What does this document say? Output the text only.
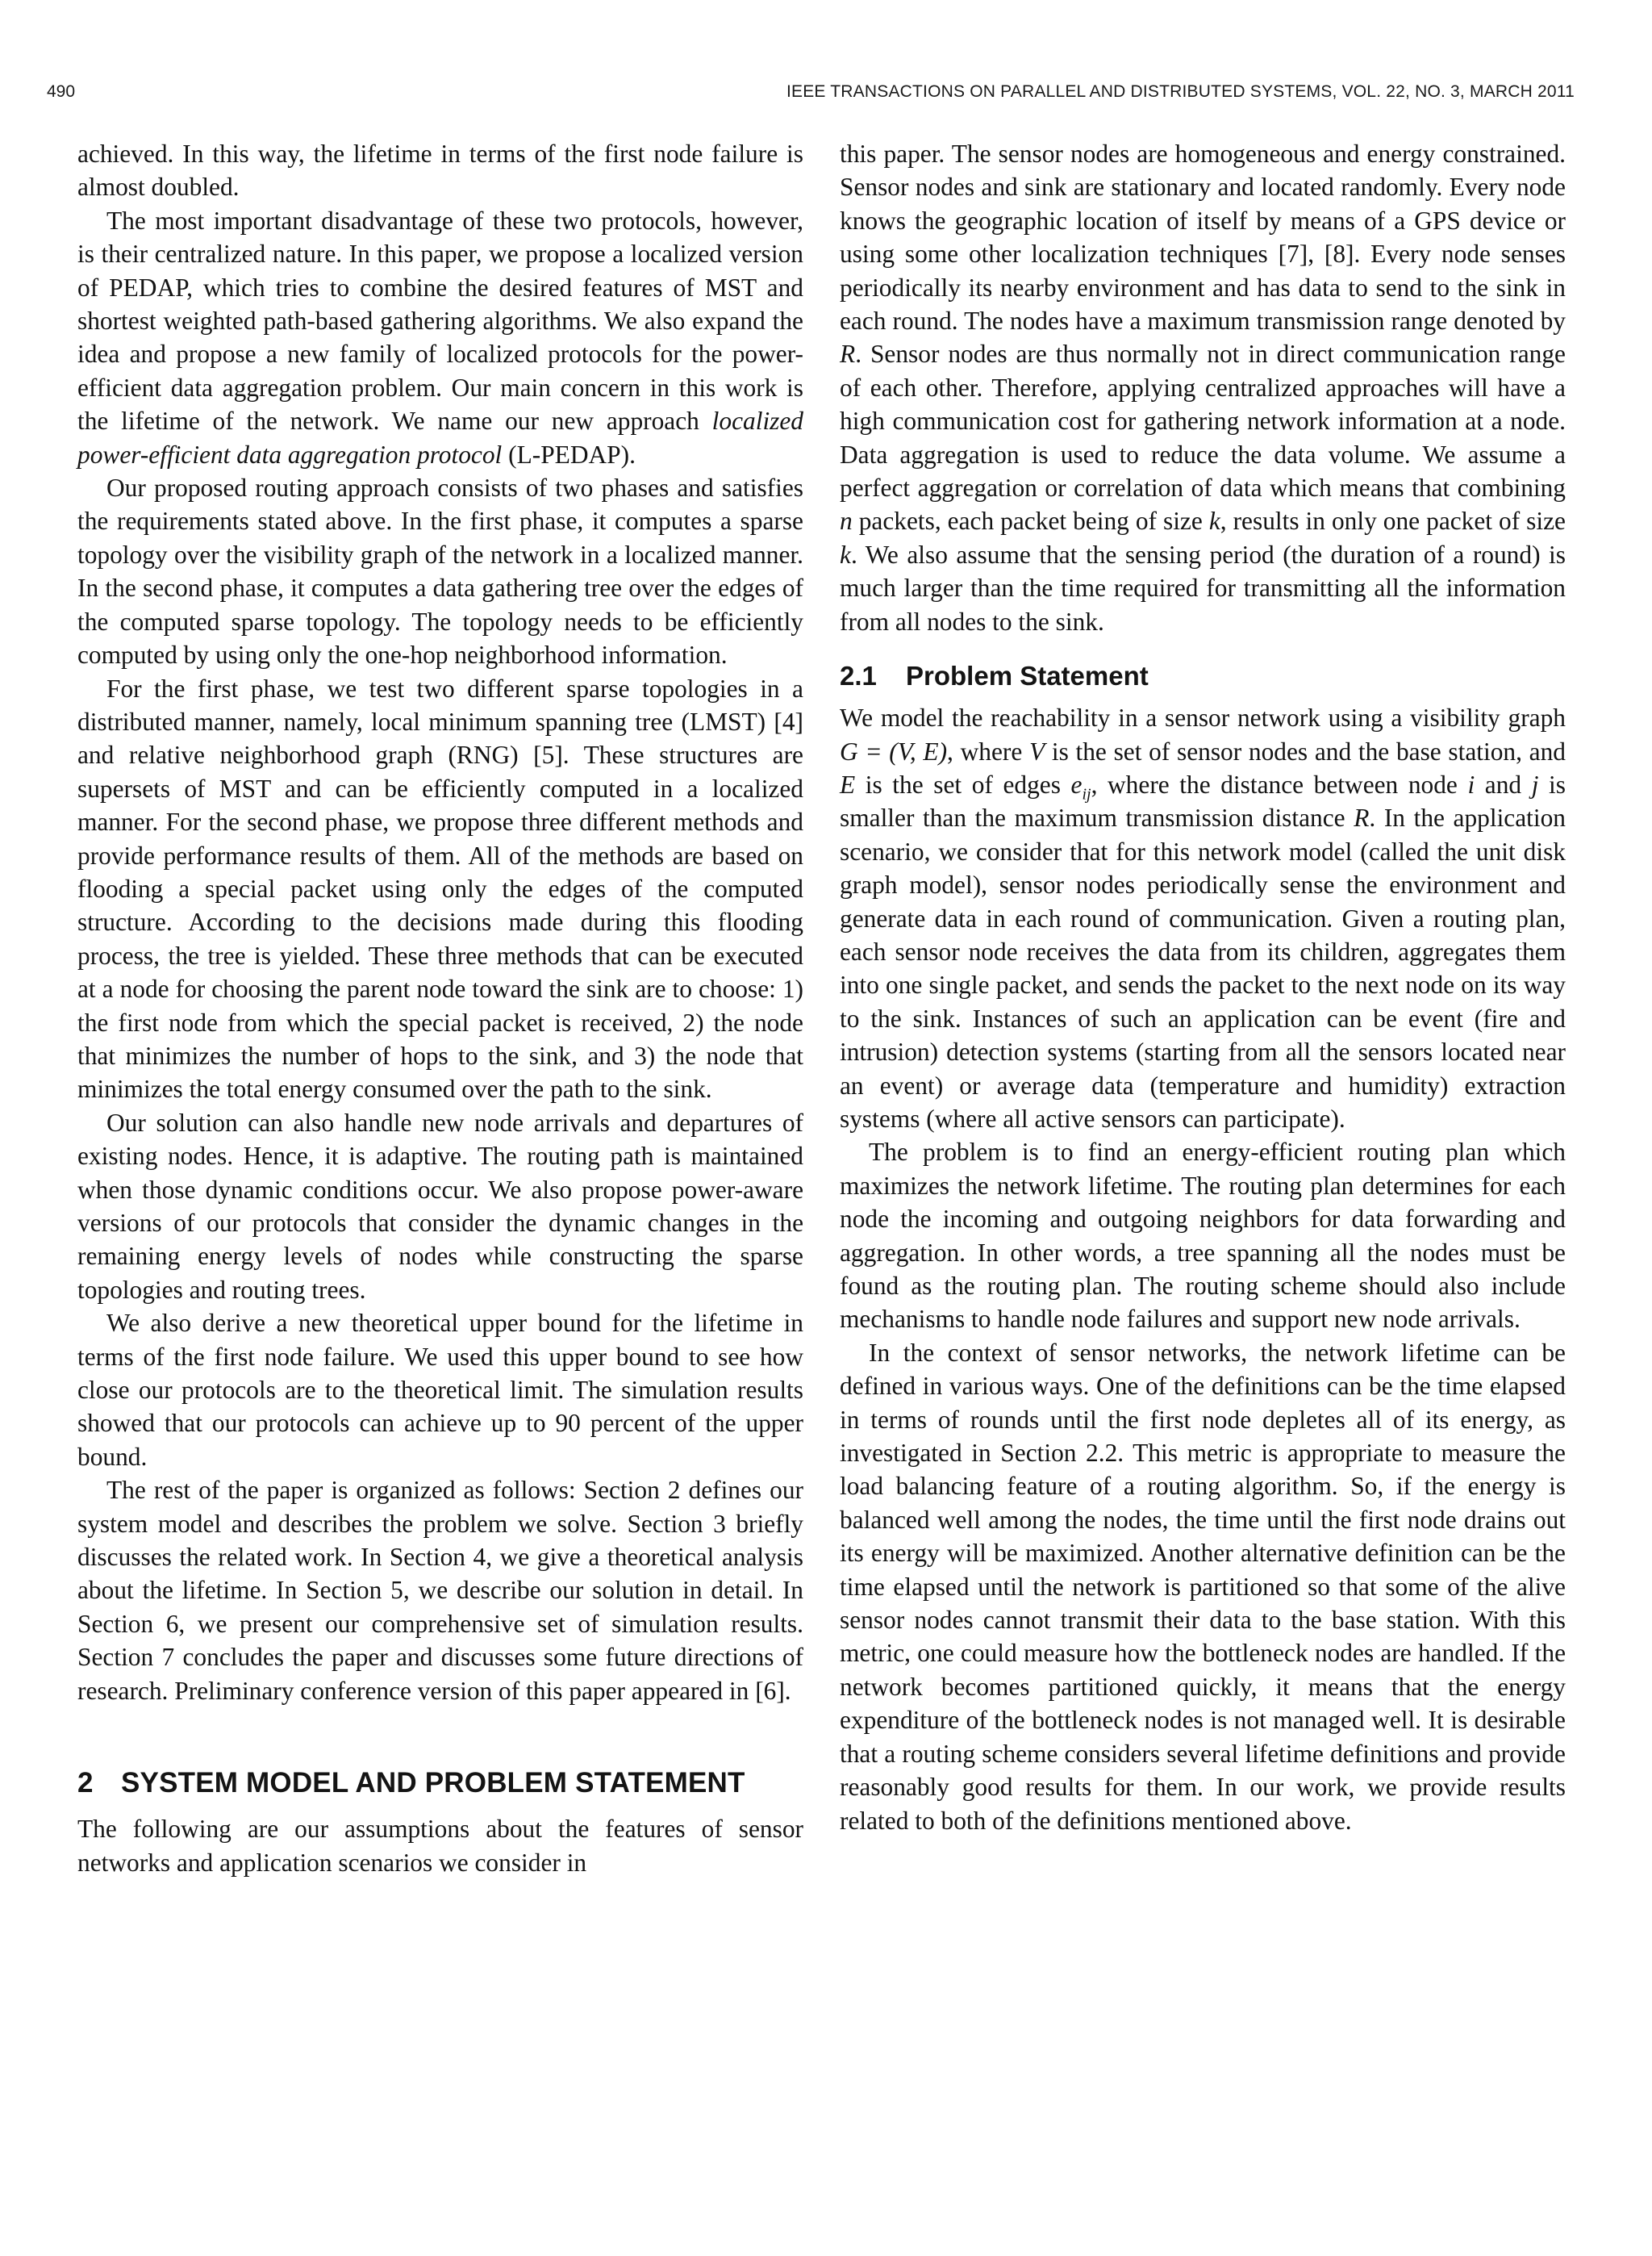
490	IEEE TRANSACTIONS ON PARALLEL AND DISTRIBUTED SYSTEMS, VOL. 22, NO. 3, MARCH 2011

achieved. In this way, the lifetime in terms of the first node failure is almost doubled.

The most important disadvantage of these two protocols, however, is their centralized nature. In this paper, we propose a localized version of PEDAP, which tries to combine the desired features of MST and shortest weighted path-based gathering algorithms. We also expand the idea and propose a new family of localized protocols for the power-efficient data aggregation problem. Our main concern in this work is the lifetime of the network. We name our new approach localized power-efficient data aggregation protocol (L-PEDAP).

Our proposed routing approach consists of two phases and satisfies the requirements stated above. In the first phase, it computes a sparse topology over the visibility graph of the network in a localized manner. In the second phase, it computes a data gathering tree over the edges of the computed sparse topology. The topology needs to be efficiently computed by using only the one-hop neighborhood information.

For the first phase, we test two different sparse topologies in a distributed manner, namely, local minimum spanning tree (LMST) [4] and relative neighborhood graph (RNG) [5]. These structures are supersets of MST and can be efficiently computed in a localized manner. For the second phase, we propose three different methods and provide performance results of them. All of the methods are based on flooding a special packet using only the edges of the computed structure. According to the decisions made during this flooding process, the tree is yielded. These three methods that can be executed at a node for choosing the parent node toward the sink are to choose: 1) the first node from which the special packet is received, 2) the node that minimizes the number of hops to the sink, and 3) the node that minimizes the total energy consumed over the path to the sink.

Our solution can also handle new node arrivals and departures of existing nodes. Hence, it is adaptive. The routing path is maintained when those dynamic conditions occur. We also propose power-aware versions of our protocols that consider the dynamic changes in the remaining energy levels of nodes while constructing the sparse topologies and routing trees.

We also derive a new theoretical upper bound for the lifetime in terms of the first node failure. We used this upper bound to see how close our protocols are to the theoretical limit. The simulation results showed that our protocols can achieve up to 90 percent of the upper bound.

The rest of the paper is organized as follows: Section 2 defines our system model and describes the problem we solve. Section 3 briefly discusses the related work. In Section 4, we give a theoretical analysis about the lifetime. In Section 5, we describe our solution in detail. In Section 6, we present our comprehensive set of simulation results. Section 7 concludes the paper and discusses some future directions of research. Preliminary conference version of this paper appeared in [6].

2 SYSTEM MODEL AND PROBLEM STATEMENT

The following are our assumptions about the features of sensor networks and application scenarios we consider in

this paper. The sensor nodes are homogeneous and energy constrained. Sensor nodes and sink are stationary and located randomly. Every node knows the geographic location of itself by means of a GPS device or using some other localization techniques [7], [8]. Every node senses periodically its nearby environment and has data to send to the sink in each round. The nodes have a maximum transmission range denoted by R. Sensor nodes are thus normally not in direct communication range of each other. Therefore, applying centralized approaches will have a high communication cost for gathering network information at a node. Data aggregation is used to reduce the data volume. We assume a perfect aggregation or correlation of data which means that combining n packets, each packet being of size k, results in only one packet of size k. We also assume that the sensing period (the duration of a round) is much larger than the time required for transmitting all the information from all nodes to the sink.

2.1 Problem Statement

We model the reachability in a sensor network using a visibility graph G = (V, E), where V is the set of sensor nodes and the base station, and E is the set of edges $e_{ij}$, where the distance between node i and j is smaller than the maximum transmission distance R. In the application scenario, we consider that for this network model (called the unit disk graph model), sensor nodes periodically sense the environment and generate data in each round of communication. Given a routing plan, each sensor node receives the data from its children, aggregates them into one single packet, and sends the packet to the next node on its way to the sink. Instances of such an application can be event (fire and intrusion) detection systems (starting from all the sensors located near an event) or average data (temperature and humidity) extraction systems (where all active sensors can participate).

The problem is to find an energy-efficient routing plan which maximizes the network lifetime. The routing plan determines for each node the incoming and outgoing neighbors for data forwarding and aggregation. In other words, a tree spanning all the nodes must be found as the routing plan. The routing scheme should also include mechanisms to handle node failures and support new node arrivals.

In the context of sensor networks, the network lifetime can be defined in various ways. One of the definitions can be the time elapsed in terms of rounds until the first node depletes all of its energy, as investigated in Section 2.2. This metric is appropriate to measure the load balancing feature of a routing algorithm. So, if the energy is balanced well among the nodes, the time until the first node drains out its energy will be maximized. Another alternative definition can be the time elapsed until the network is partitioned so that some of the alive sensor nodes cannot transmit their data to the base station. With this metric, one could measure how the bottleneck nodes are handled. If the network becomes partitioned quickly, it means that the energy expenditure of the bottleneck nodes is not managed well. It is desirable that a routing scheme considers several lifetime definitions and provide reasonably good results for them. In our work, we provide results related to both of the definitions mentioned above.
